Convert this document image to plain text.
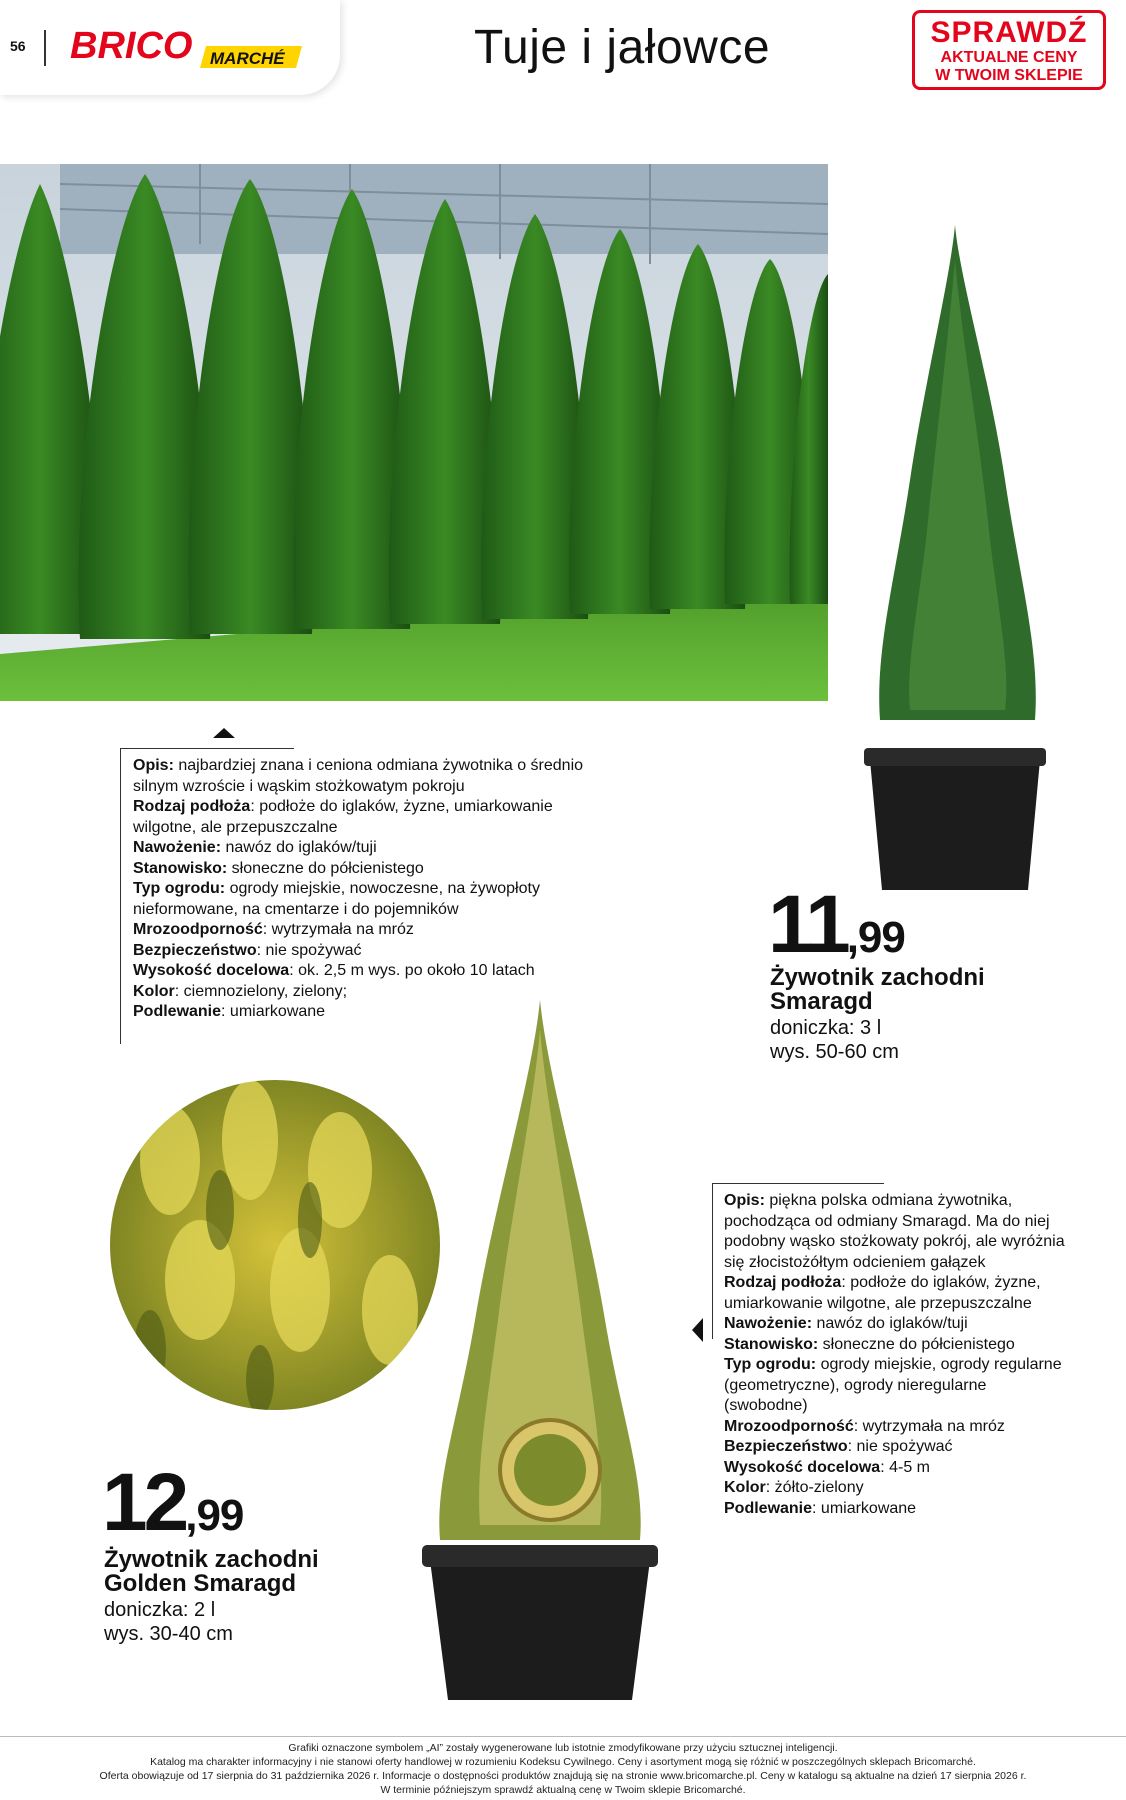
56 BRICO MARCHÉ	Tuje i jałowce	SPRAWDŹ
AKTUALNE CENY
W TWOIM SKLEPIE
Opis: najbardziej znana i ceniona odmiana żywotnika o średnio silnym wzroście i wąskim stożkowatym pokroju
Rodzaj podłoża: podłoże do iglaków, żyzne, umiarkowanie wilgotne, ale przepuszczalne
Nawożenie: nawóz do iglaków/tuji
Stanowisko: słoneczne do półcienistego
Typ ogrodu: ogrody miejskie, nowoczesne, na żywopłoty nieformowane, na cmentarze i do pojemników
Mrozoodporność: wytrzymała na mróz
Bezpieczeństwo: nie spożywać
Wysokość docelowa: ok. 2,5 m wys. po około 10 latach
Kolor: ciemnozielony, zielony;
Podlewanie: umiarkowane
11,99
Żywotnik zachodni
Smaragd
doniczka: 3 l
wys. 50-60 cm
Opis: piękna polska odmiana żywotnika, pochodząca od odmiany Smaragd. Ma do niej podobny wąsko stożkowaty pokrój, ale wyróżnia się złocistożółtym odcieniem gałązek
Rodzaj podłoża: podłoże do iglaków, żyzne, umiarkowanie wilgotne, ale przepuszczalne
Nawożenie: nawóz do iglaków/tuji
Stanowisko: słoneczne do półcienistego
Typ ogrodu: ogrody miejskie, ogrody regularne (geometryczne), ogrody nieregularne (swobodne)
Mrozoodporność: wytrzymała na mróz
Bezpieczeństwo: nie spożywać
Wysokość docelowa: 4-5 m
Kolor: żółto-zielony
Podlewanie: umiarkowane
12,99
Żywotnik zachodni
Golden Smaragd
doniczka: 2 l
wys. 30-40 cm
Grafiki oznaczone symbolem „AI” zostały wygenerowane lub istotnie zmodyfikowane przy użyciu sztucznej inteligencji.
Katalog ma charakter informacyjny i nie stanowi oferty handlowej w rozumieniu Kodeksu Cywilnego. Ceny i asortyment mogą się różnić w poszczególnych sklepach Bricomarché.
Oferta obowiązuje od 17 sierpnia do 31 października 2026 r. Informacje o dostępności produktów znajdują się na stronie www.bricomarche.pl. Ceny w katalogu są aktualne na dzień 17 sierpnia 2026 r.
W terminie późniejszym sprawdź aktualną cenę w Twoim sklepie Bricomarché.
